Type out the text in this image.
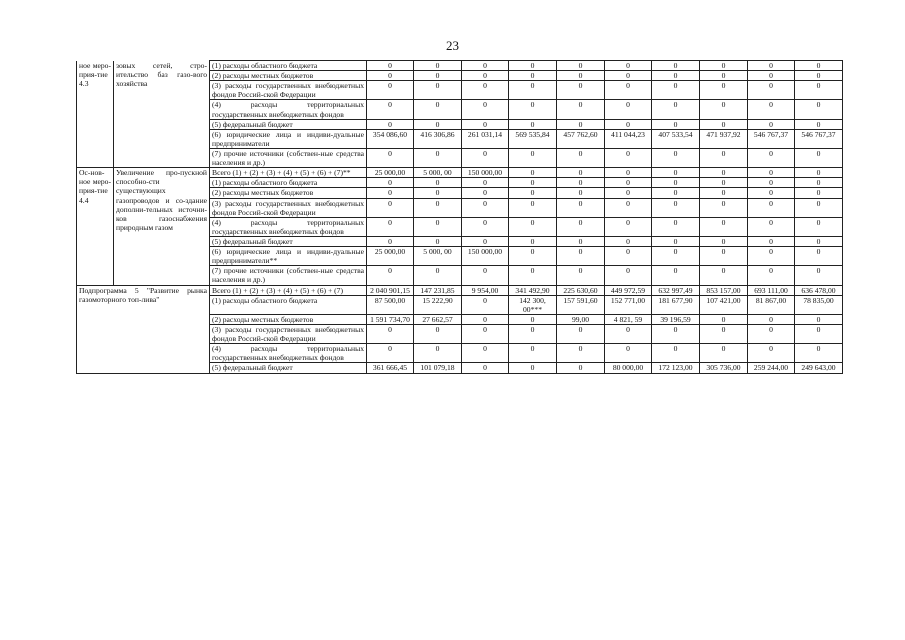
23
ное меро-прия-тие 4.3	зовых сетей, стро-ительство баз газо-вого хозяйства	(1) расходы областного бюджета	0	0	0	0	0	0	0	0	0	0
		(2) расходы местных бюджетов	0	0	0	0	0	0	0	0	0	0
		(3) расходы государственных внебюджетных фондов Россий-ской Федерации	0	0	0	0	0	0	0	0	0	0
		(4) расходы территориальных государственных внебюджетных фондов	0	0	0	0	0	0	0	0	0	0
		(5) федеральный бюджет	0	0	0	0	0	0	0	0	0	0
		(6) юридические лица и индиви-дуальные предприниматели	354 086,60	416 306,86	261 031,14	569 535,84	457 762,60	411 044,23	407 533,54	471 937,92	546 767,37	546 767,37
		(7) прочие источники (собствен-ные средства населения и др.)	0	0	0	0	0	0	0	0	0	0
Ос-нов-ное меро-прия-тие 4.4	Увеличение про-пускной способно-сти существующих газопроводов и со-здание дополни-тельных источни-ков газоснабжения природным газом	Всего (1) + (2) + (3) + (4) + (5) + (6) + (7)**	25 000,00	5 000, 00	150 000,00	0	0	0	0	0	0	0
		(1) расходы областного бюджета	0	0	0	0	0	0	0	0	0	0
		(2) расходы местных бюджетов	0	0	0	0	0	0	0	0	0	0
		(3) расходы государственных внебюджетных фондов Россий-ской Федерации	0	0	0	0	0	0	0	0	0	0
		(4) расходы территориальных государственных внебюджетных фондов	0	0	0	0	0	0	0	0	0	0
		(5) федеральный бюджет	0	0	0	0	0	0	0	0	0	0
		(6) юридические лица и индиви-дуальные предприниматели**	25 000,00	5 000, 00	150 000,00	0	0	0	0	0	0	0
		(7) прочие источники (собствен-ные средства населения и др.)	0	0	0	0	0	0	0	0	0	0
Подпрограмма 5 "Развитие рынка газомоторного топ-лива"		Всего (1) + (2) + (3) + (4) + (5) + (6) + (7)	2 040 901,15	147 231,85	9 954,00	341 492,90	225 630,60	449 972,59	632 997,49	853 157,00	693 111,00	636 478,00
		(1) расходы областного бюджета	87 500,00	15 222,90	0	142 300, 00***	157 591,60	152 771,00	181 677,90	107 421,00	81 867,00	78 835,00
		(2) расходы местных бюджетов	1 591 734,70	27 662,57	0	0	99,00	4 821, 59	39 196,59	0	0	0
		(3) расходы государственных внебюджетных фондов Россий-ской Федерации	0	0	0	0	0	0	0	0	0	0
		(4) расходы территориальных государственных внебюджетных фондов	0	0	0	0	0	0	0	0	0	0
		(5) федеральный бюджет	361 666,45	101 079,18	0	0	0	80 000,00	172 123,00	305 736,00	259 244,00	249 643,00
